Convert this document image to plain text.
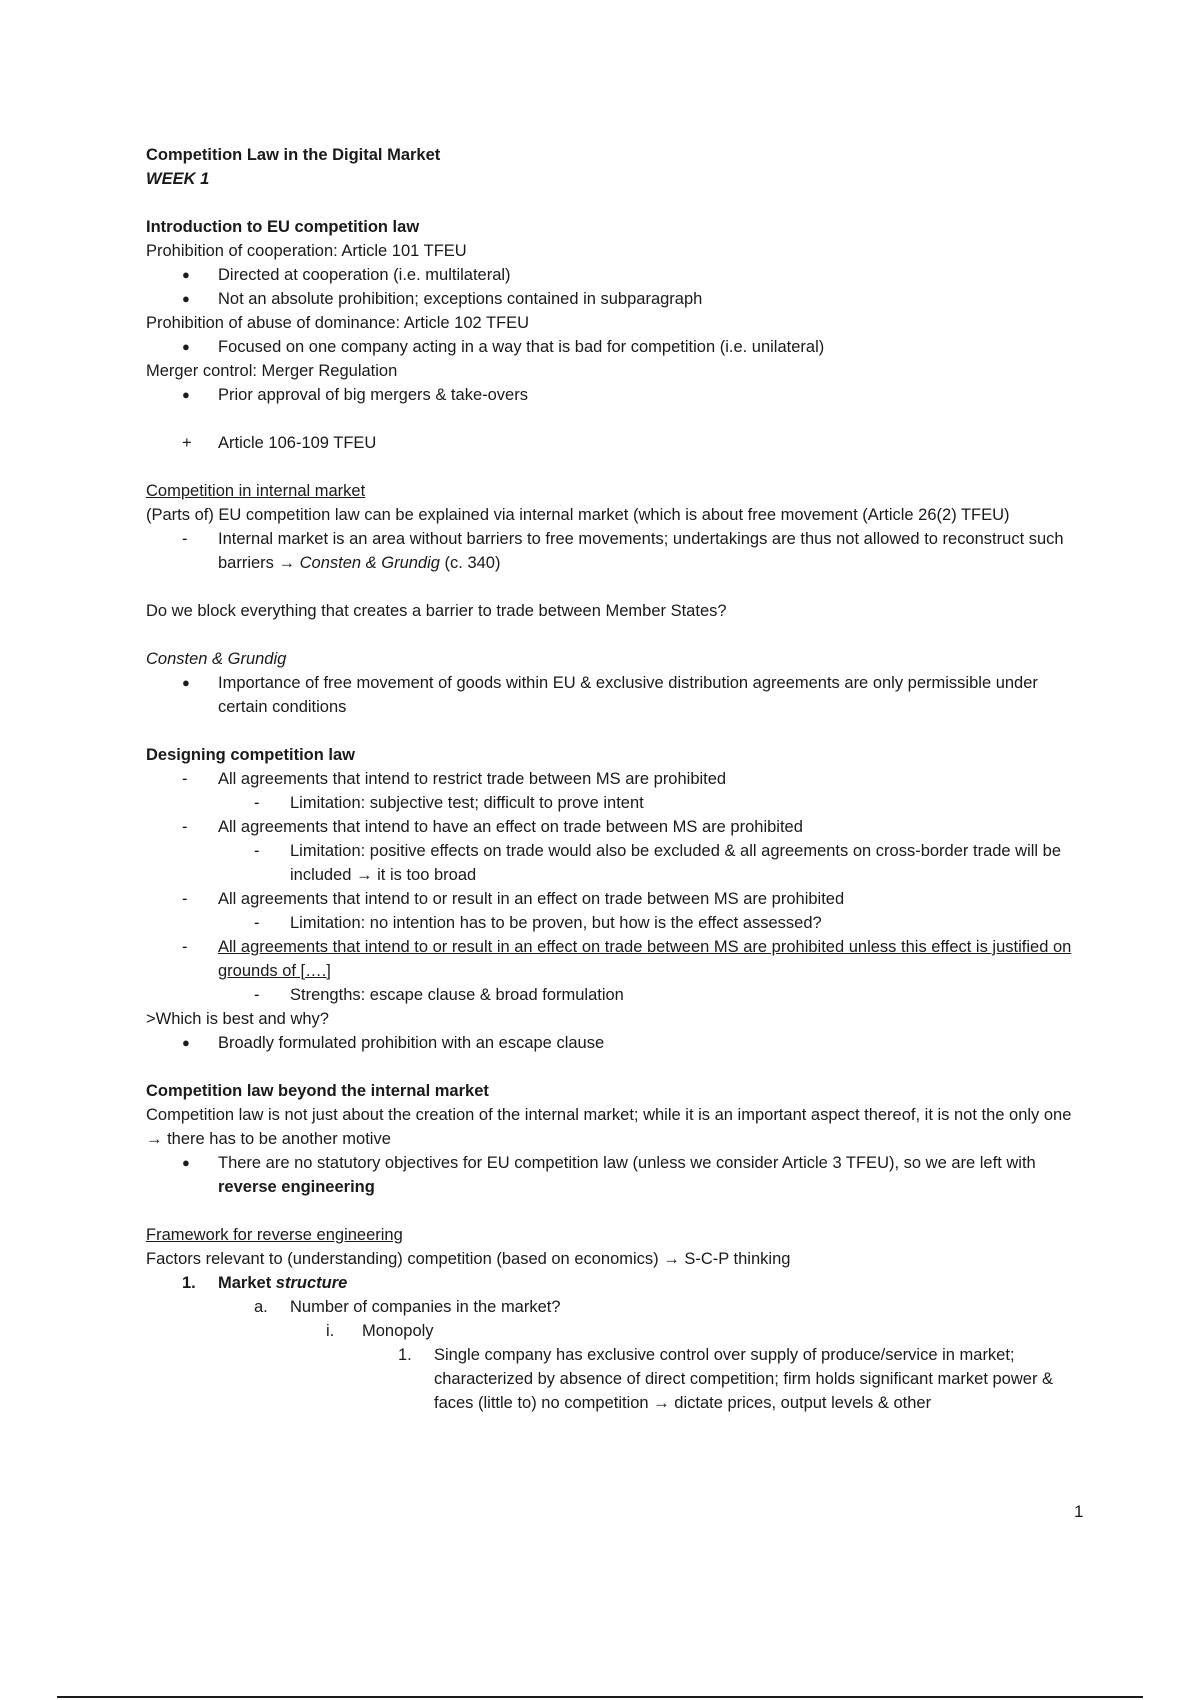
Competition Law in the Digital Market

WEEK 1

Introduction to EU competition law

Prohibition of cooperation: Article 101 TFEU

● Directed at cooperation (i.e. multilateral)
● Not an absolute prohibition; exceptions contained in subparagraph

Prohibition of abuse of dominance: Article 102 TFEU

● Focused on one company acting in a way that is bad for competition (i.e. unilateral)

Merger control: Merger Regulation

● Prior approval of big mergers & take-overs
+ Article 106-109 TFEU

Competition in internal market

(Parts of) EU competition law can be explained via internal market (which is about free movement (Article 26(2) TFEU)

- Internal market is an area without barriers to free movements; undertakings are thus not allowed to reconstruct such barriers → Consten & Grundig (c. 340)

Do we block everything that creates a barrier to trade between Member States?

Consten & Grundig

● Importance of free movement of goods within EU & exclusive distribution agreements are only permissible under certain conditions

Designing competition law

- All agreements that intend to restrict trade between MS are prohibited
- Limitation: subjective test; difficult to prove intent
- All agreements that intend to have an effect on trade between MS are prohibited
- Limitation: positive effects on trade would also be excluded & all agreements on cross-border trade will be included → it is too broad
- All agreements that intend to or result in an effect on trade between MS are prohibited
- Limitation: no intention has to be proven, but how is the effect assessed?
- All agreements that intend to or result in an effect on trade between MS are prohibited unless this effect is justified on grounds of [….]
- Strengths: escape clause & broad formulation

>Which is best and why?

● Broadly formulated prohibition with an escape clause

Competition law beyond the internal market

Competition law is not just about the creation of the internal market; while it is an important aspect thereof, it is not the only one → there has to be another motive

● There are no statutory objectives for EU competition law (unless we consider Article 3 TFEU), so we are left with reverse engineering

Framework for reverse engineering

Factors relevant to (understanding) competition (based on economics) → S-C-P thinking

1. Market structure
a. Number of companies in the market?
i. Monopoly
1. Single company has exclusive control over supply of produce/service in market; characterized by absence of direct competition; firm holds significant market power & faces (little to) no competition → dictate prices, output levels & other
1
